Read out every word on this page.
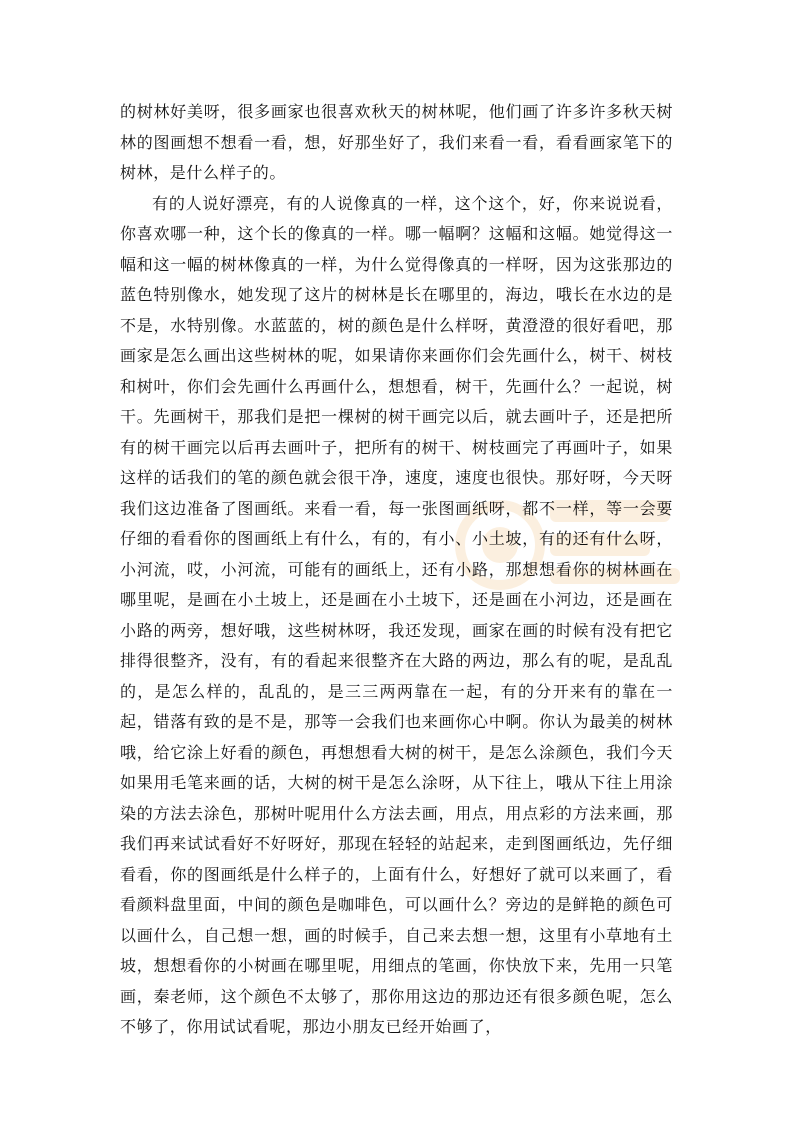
的树林好美呀，很多画家也很喜欢秋天的树林呢，他们画了许多许多秋天树林的图画想不想看一看，想，好那坐好了，我们来看一看，看看画家笔下的树林，是什么样子的。

有的人说好漂亮，有的人说像真的一样，这个这个，好，你来说说看，你喜欢哪一种，这个长的像真的一样。哪一幅啊？这幅和这幅。她觉得这一幅和这一幅的树林像真的一样，为什么觉得像真的一样呀，因为这张那边的蓝色特别像水，她发现了这片的树林是长在哪里的，海边，哦长在水边的是不是，水特别像。水蓝蓝的，树的颜色是什么样呀，黄澄澄的很好看吧，那画家是怎么画出这些树林的呢，如果请你来画你们会先画什么，树干、树枝和树叶，你们会先画什么再画什么，想想看，树干，先画什么？一起说，树干。先画树干，那我们是把一棵树的树干画完以后，就去画叶子，还是把所有的树干画完以后再去画叶子，把所有的树干、树枝画完了再画叶子，如果这样的话我们的笔的颜色就会很干净，速度，速度也很快。那好呀，今天呀我们这边准备了图画纸。来看一看，每一张图画纸呀，都不一样，等一会要仔细的看看你的图画纸上有什么，有的，有小、小土坡，有的还有什么呀，小河流，哎，小河流，可能有的画纸上，还有小路，那想想看你的树林画在哪里呢，是画在小土坡上，还是画在小土坡下，还是画在小河边，还是画在小路的两旁，想好哦，这些树林呀，我还发现，画家在画的时候有没有把它排得很整齐，没有，有的看起来很整齐在大路的两边，那么有的呢，是乱乱的，是怎么样的，乱乱的，是三三两两靠在一起，有的分开来有的靠在一起，错落有致的是不是，那等一会我们也来画你心中啊。你认为最美的树林哦，给它涂上好看的颜色，再想想看大树的树干，是怎么涂颜色，我们今天如果用毛笔来画的话，大树的树干是怎么涂呀，从下往上，哦从下往上用涂染的方法去涂色，那树叶呢用什么方法去画，用点，用点彩的方法来画，那我们再来试试看好不好呀好，那现在轻轻的站起来，走到图画纸边，先仔细看看，你的图画纸是什么样子的，上面有什么，好想好了就可以来画了，看看颜料盘里面，中间的颜色是咖啡色，可以画什么？旁边的是鲜艳的颜色可以画什么，自己想一想，画的时候手，自己来去想一想，这里有小草地有土坡，想想看你的小树画在哪里呢，用细点的笔画，你快放下来，先用一只笔画，秦老师，这个颜色不太够了，那你用这边的那边还有很多颜色呢，怎么不够了，你用试试看呢，那边小朋友已经开始画了，
